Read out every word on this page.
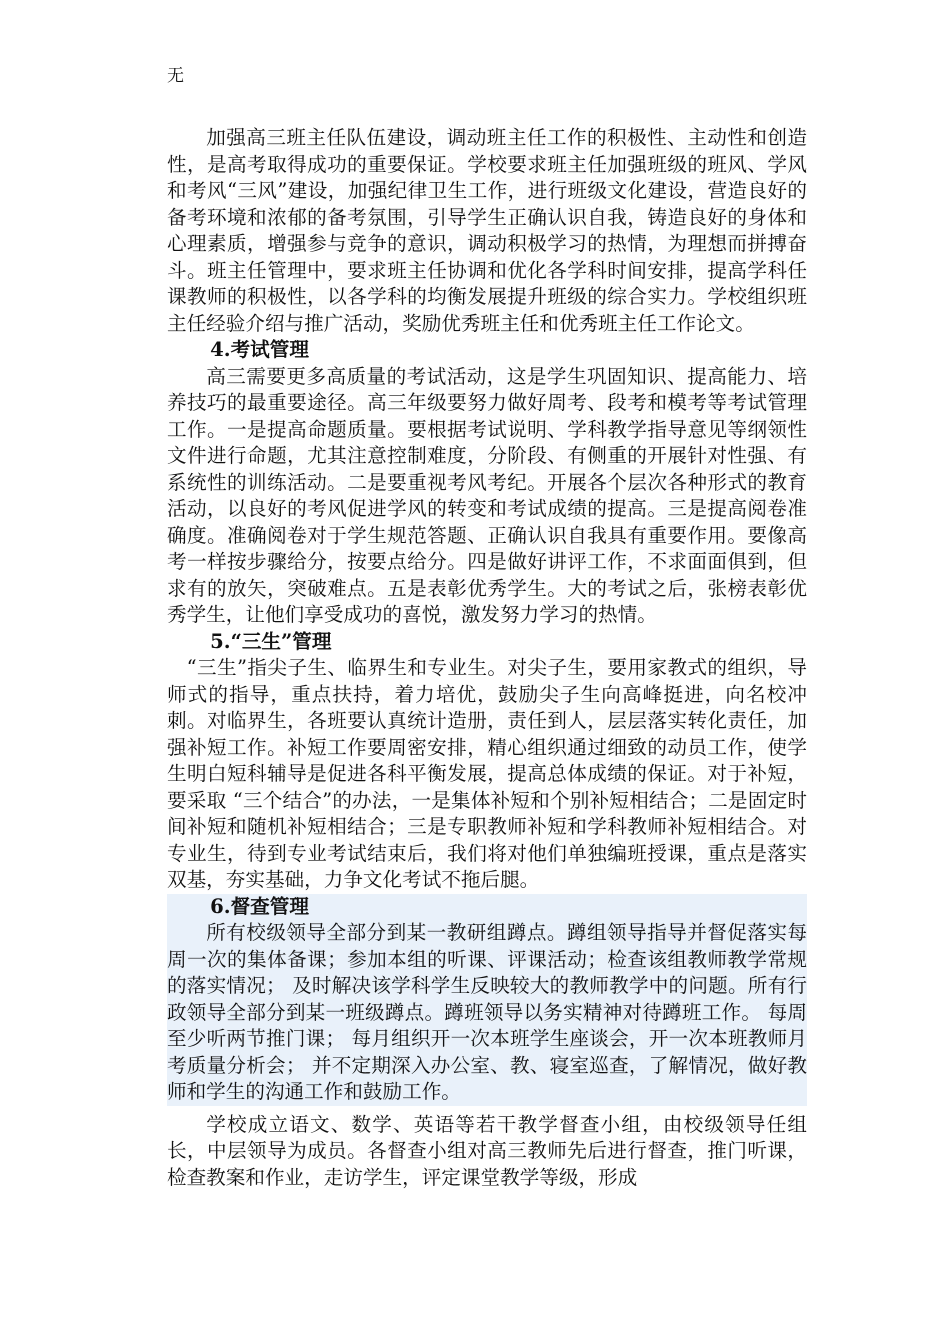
无

加强高三班主任队伍建设，调动班主任工作的积极性、主动性和创造性，是高考取得成功的重要保证。学校要求班主任加强班级的班风、学风和考风“三风”建设，加强纪律卫生工作，进行班级文化建设，营造良好的备考环境和浓郁的备考氛围，引导学生正确认识自我，铸造良好的身体和心理素质，增强参与竞争的意识，调动积极学习的热情，为理想而拼搏奋斗。班主任管理中，要求班主任协调和优化各学科时间安排，提高学科任课教师的积极性，以各学科的均衡发展提升班级的综合实力。学校组织班主任经验介绍与推广活动，奖励优秀班主任和优秀班主任工作论文。

4.考试管理

高三需要更多高质量的考试活动，这是学生巩固知识、提高能力、培养技巧的最重要途径。高三年级要努力做好周考、段考和模考等考试管理工作。一是提高命题质量。要根据考试说明、学科教学指导意见等纲领性文件进行命题，尤其注意控制难度，分阶段、有侧重的开展针对性强、有系统性的训练活动。二是要重视考风考纪。开展各个层次各种形式的教育活动，以良好的考风促进学风的转变和考试成绩的提高。三是提高阅卷准确度。准确阅卷对于学生规范答题、正确认识自我具有重要作用。要像高考一样按步骤给分，按要点给分。四是做好讲评工作，不求面面俱到，但求有的放矢，突破难点。五是表彰优秀学生。大的考试之后，张榜表彰优秀学生，让他们享受成功的喜悦，激发努力学习的热情。

5.“三生”管理

“三生”指尖子生、临界生和专业生。对尖子生，要用家教式的组织，导师式的指导，重点扶持，着力培优，鼓励尖子生向高峰挺进，向名校冲刺。对临界生，各班要认真统计造册，责任到人，层层落实转化责任，加强补短工作。补短工作要周密安排，精心组织通过细致的动员工作，使学生明白短科辅导是促进各科平衡发展，提高总体成绩的保证。对于补短，要采取 “三个结合”的办法，一是集体补短和个别补短相结合；二是固定时间补短和随机补短相结合；三是专职教师补短和学科教师补短相结合。对专业生，待到专业考试结束后，我们将对他们单独编班授课，重点是落实双基，夯实基础，力争文化考试不拖后腿。

6.督查管理

所有校级领导全部分到某一教研组蹲点。蹲组领导指导并督促落实每周一次的集体备课；参加本组的听课、评课活动；检查该组教师教学常规的落实情况； 及时解决该学科学生反映较大的教师教学中的问题。所有行政领导全部分到某一班级蹲点。蹲班领导以务实精神对待蹲班工作。 每周至少听两节推门课； 每月组织开一次本班学生座谈会，开一次本班教师月考质量分析会； 并不定期深入办公室、教、寝室巡查，了解情况，做好教师和学生的沟通工作和鼓励工作。

学校成立语文、数学、英语等若干教学督查小组，由校级领导任组长，中层领导为成员。各督查小组对高三教师先后进行督查，推门听课，检查教案和作业，走访学生，评定课堂教学等级，形成
